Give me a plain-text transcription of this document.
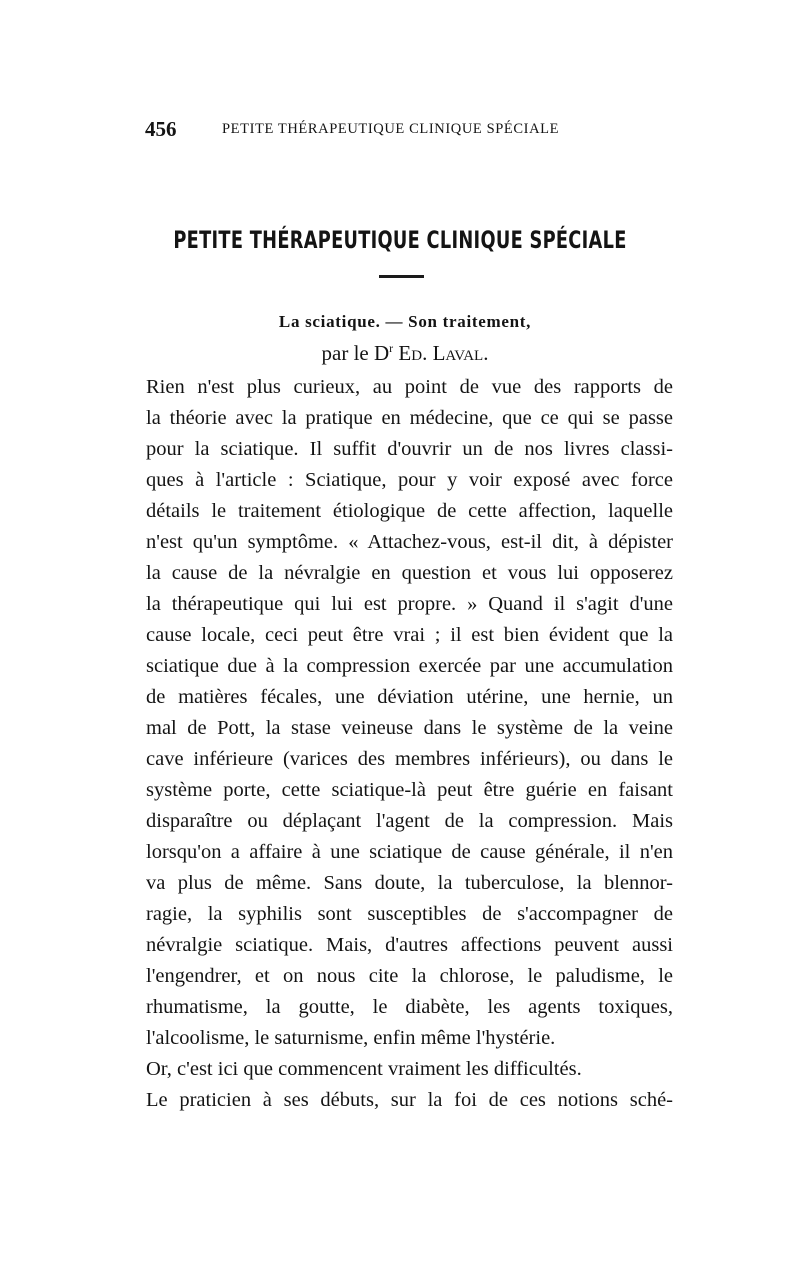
456	PETITE THÉRAPEUTIQUE CLINIQUE SPÉCIALE
PETITE THÉRAPEUTIQUE CLINIQUE SPÉCIALE
La sciatique. — Son traitement,
par le $D^r$ Ed. Laval.
Rien n'est plus curieux, au point de vue des rapports de
la théorie avec la pratique en médecine, que ce qui se passe
pour la sciatique. Il suffit d'ouvrir un de nos livres classi-
ques à l'article : Sciatique, pour y voir exposé avec force
détails le traitement étiologique de cette affection, laquelle
n'est qu'un symptôme. « Attachez-vous, est-il dit, à dépister
la cause de la névralgie en question et vous lui opposerez
la thérapeutique qui lui est propre. » Quand il s'agit d'une
cause locale, ceci peut être vrai ; il est bien évident que la
sciatique due à la compression exercée par une accumulation
de matières fécales, une déviation utérine, une hernie, un
mal de Pott, la stase veineuse dans le système de la veine
cave inférieure (varices des membres inférieurs), ou dans le
système porte, cette sciatique-là peut être guérie en faisant
disparaître ou déplaçant l'agent de la compression. Mais
lorsqu'on a affaire à une sciatique de cause générale, il n'en
va plus de même. Sans doute, la tuberculose, la blennor-
ragie, la syphilis sont susceptibles de s'accompagner de
névralgie sciatique. Mais, d'autres affections peuvent aussi
l'engendrer, et on nous cite la chlorose, le paludisme, le
rhumatisme, la goutte, le diabète, les agents toxiques,
l'alcoolisme, le saturnisme, enfin même l'hystérie.
Or, c'est ici que commencent vraiment les difficultés.
Le praticien à ses débuts, sur la foi de ces notions sché-
